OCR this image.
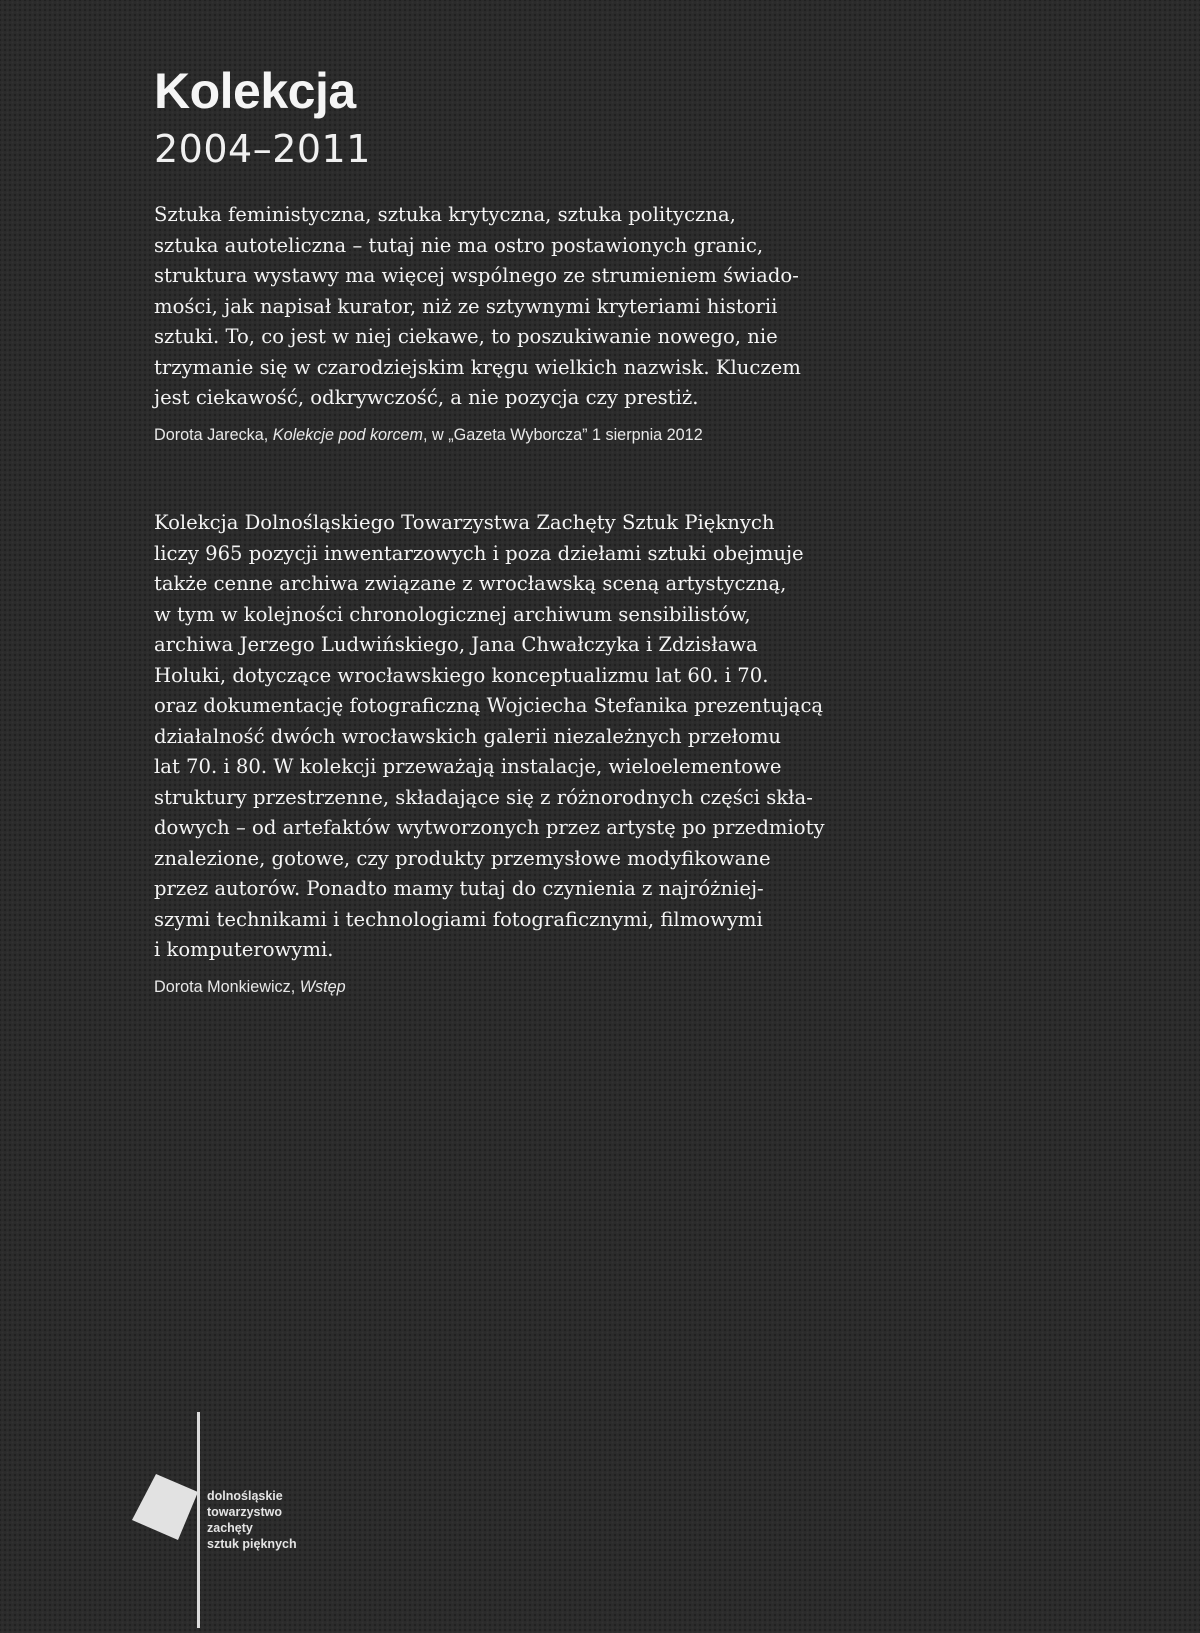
Kolekcja
2004–2011

Sztuka feministyczna, sztuka krytyczna, sztuka polityczna,
sztuka autoteliczna – tutaj nie ma ostro postawionych granic,
struktura wystawy ma więcej wspólnego ze strumieniem świado-
mości, jak napisał kurator, niż ze sztywnymi kryteriami historii
sztuki. To, co jest w niej ciekawe, to poszukiwanie nowego, nie
trzymanie się w czarodziejskim kręgu wielkich nazwisk. Kluczem
jest ciekawość, odkrywczość, a nie pozycja czy prestiż.

Dorota Jarecka, Kolekcje pod korcem, w „Gazeta Wyborcza” 1 sierpnia 2012

Kolekcja Dolnośląskiego Towarzystwa Zachęty Sztuk Pięknych
liczy 965 pozycji inwentarzowych i poza dziełami sztuki obejmuje
także cenne archiwa związane z wrocławską sceną artystyczną,
w tym w kolejności chronologicznej archiwum sensibilistów,
archiwa Jerzego Ludwińskiego, Jana Chwałczyka i Zdzisława
Holuki, dotyczące wrocławskiego konceptualizmu lat 60. i 70.
oraz dokumentację fotograficzną Wojciecha Stefanika prezentującą
działalność dwóch wrocławskich galerii niezależnych przełomu
lat 70. i 80. W kolekcji przeważają instalacje, wieloelementowe
struktury przestrzenne, składające się z różnorodnych części skła-
dowych – od artefaktów wytworzonych przez artystę po przedmioty
znalezione, gotowe, czy produkty przemysłowe modyfikowane
przez autorów. Ponadto mamy tutaj do czynienia z najróżniej-
szymi technikami i technologiami fotograficznymi, filmowymi
i komputerowymi.

Dorota Monkiewicz, Wstęp

dolnośląskie
towarzystwo
zachęty
sztuk pięknych
